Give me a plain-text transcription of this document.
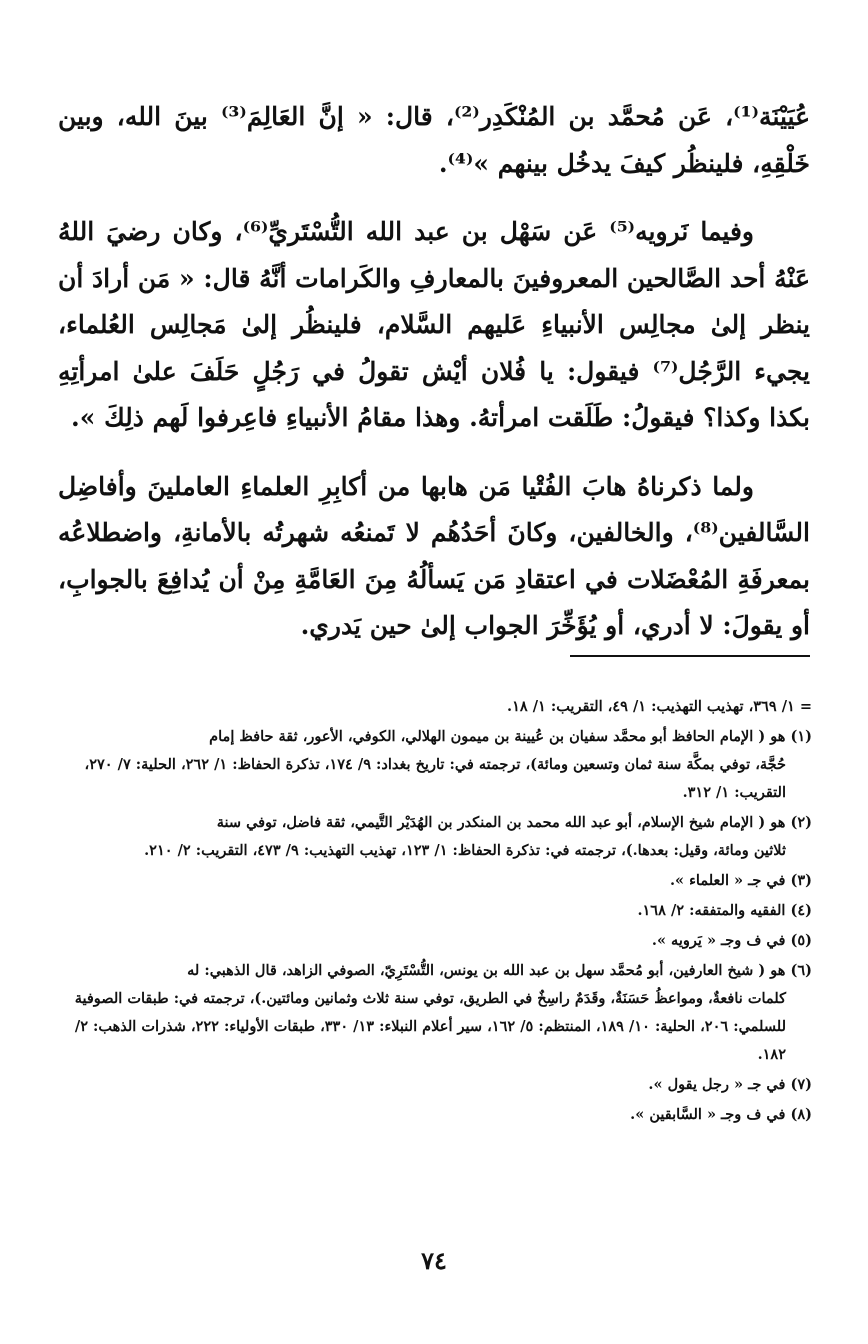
عُيَيْنَة⁽¹⁾، عَن مُحمَّد بن المُنْكَدِر⁽²⁾، قال: « إنَّ العَالِمَ⁽³⁾ بينَ الله، وبين خَلْقِهِ، فلينظُر كيفَ يدخُل بينهم »⁽⁴⁾.

وفيما نَرويه⁽⁵⁾ عَن سَهْل بن عبد الله التُّسْتَريِّ⁽⁶⁾، وكان رضيَ اللهُ عَنْهُ أحد الصَّالحين المعروفينَ بالمعارفِ والكَرامات أنَّهُ قال: « مَن أرادَ أن ينظر إلىٰ مجالِس الأنبياءِ عَليهم السَّلام، فلينظُر إلىٰ مَجالِس العُلماء، يجيء الرَّجُل⁽⁷⁾ فيقول: يا فُلان أيْش تقولُ في رَجُلٍ حَلَفَ علىٰ امرأتِهِ بكذا وكذا؟ فيقولُ: طَلَقت امرأتهُ. وهذا مقامُ الأنبياءِ فاعِرفوا لَهم ذلِكَ ».

ولما ذكرناهُ هابَ الفُتْيا مَن هابها من أكابِرِ العلماءِ العاملينَ وأفاضِل السَّالفين⁽⁸⁾، والخالفين، وكانَ أحَدُهُم لا تَمنعُه شهرتُه بالأمانةِ، واضطلاعُه بمعرفَةِ المُعْضَلات في اعتقادِ مَن يَسألُهُ مِنَ العَامَّةِ مِنْ أن يُدافِعَ بالجوابِ، أو يقولَ: لا أدري، أو يُؤَخِّرَ الجواب إلىٰ حين يَدري.

= ١/ ٣٦٩، تهذيب التهذيب: ١/ ٤٩، التقريب: ١/ ١٨.
(١) هو ( الإمام الحافظ أبو محمَّد سفيان بن عُيينة بن ميمون الهلالي، الكوفي، الأعور، ثقة حافظ إمام
حُجَّة، توفي بمكَّة سنة ثمان وتسعين ومائة)، ترجمته في: تاريخ بغداد: ٩/ ١٧٤، تذكرة الحفاظ: ١/ ٢٦٢، الحلية: ٧/ ٢٧٠، التقريب: ١/ ٣١٢.
(٢) هو ( الإمام شيخ الإسلام، أبو عبد الله محمد بن المنكدر بن الهُدَيْر التَّيمي، ثقة فاضل، توفي سنة
ثلاثين ومائة، وقيل: بعدها.)، ترجمته في: تذكرة الحفاظ: ١/ ١٢٣، تهذيب التهذيب: ٩/ ٤٧٣، التقريب: ٢/ ٢١٠.
(٣) في جـ « العلماء ».
(٤) الفقيه والمتفقه: ٢/ ١٦٨.
(٥) في ف وجـ « يَرويه ».
(٦) هو ( شيخ العارفين، أبو مُحمَّد سهل بن عبد الله بن يونس، التُّسْتَرِيّ، الصوفي الزاهد، قال الذهبي: له
كلمات نافعةٌ، ومواعظُ حَسَنَةٌ، وقَدَمٌ راسِخٌ في الطريق، توفي سنة ثلاث وثمانين ومائتين.)، ترجمته في: طبقات الصوفية للسلمي: ٢٠٦، الحلية: ١٠/ ١٨٩، المنتظم: ٥/ ١٦٢، سير أعلام النبلاء: ١٣/ ٣٣٠، طبقات الأولياء: ٢٢٢، شذرات الذهب: ٢/ ١٨٢.
(٧) في جـ « رجل يقول ».
(٨) في ف وجـ « السَّابقين ».
٧٤
